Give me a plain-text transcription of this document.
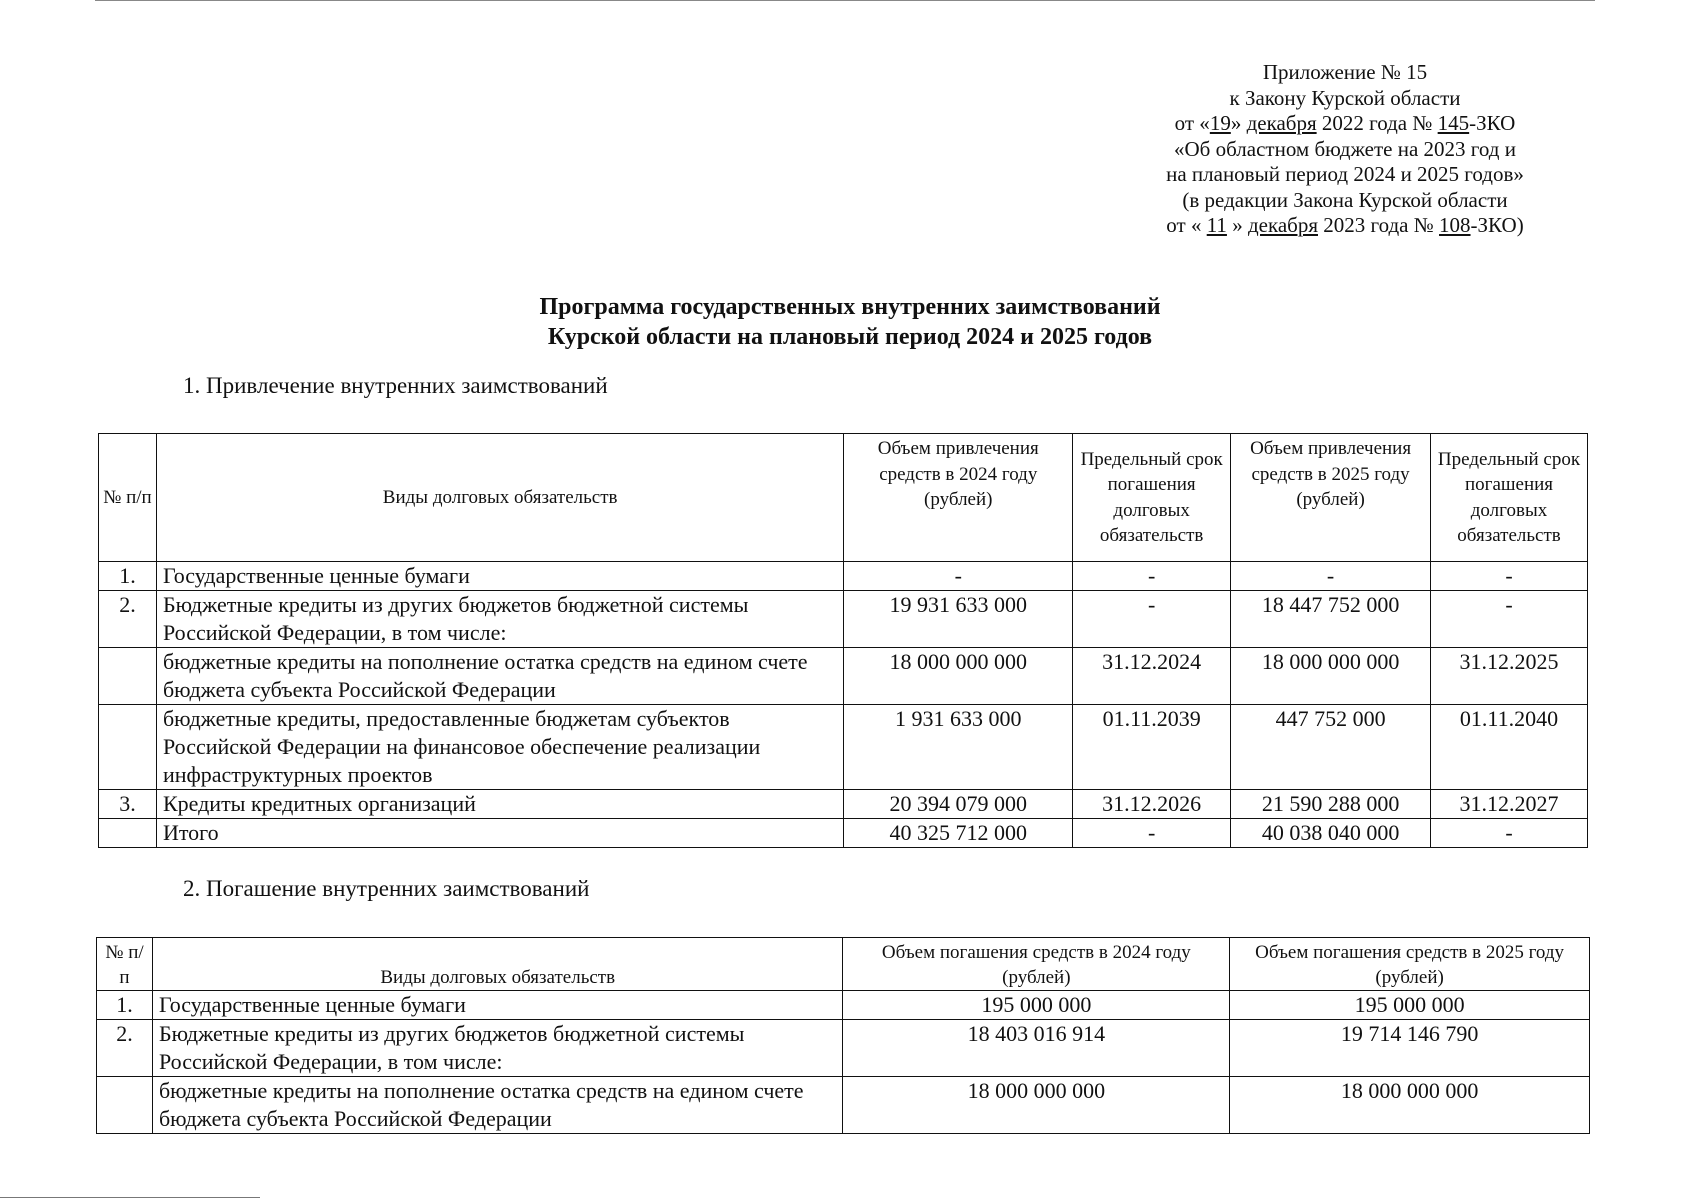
Приложение № 15
к Закону Курской области
от «19» декабря 2022 года № 145-ЗКО
«Об областном бюджете на 2023 год и
на плановый период 2024 и 2025 годов»
(в редакции Закона Курской области
от « 11 » декабря 2023 года № 108-ЗКО)
Программа государственных внутренних заимствований
Курской области на плановый период 2024 и 2025 годов
1. Привлечение внутренних заимствований
№ п/п	Виды долговых обязательств	Объем привлечения средств в 2024 году (рублей)	Предельный срок погашения долговых обязательств	Объем привлечения средств в 2025 году (рублей)	Предельный срок погашения долговых обязательств
1.	Государственные ценные бумаги	-	-	-	-
2.	Бюджетные кредиты из других бюджетов бюджетной системы Российской Федерации, в том числе:	19 931 633 000	-	18 447 752 000	-
	бюджетные кредиты на пополнение остатка средств на едином счете бюджета субъекта Российской Федерации	18 000 000 000	31.12.2024	18 000 000 000	31.12.2025
	бюджетные кредиты, предоставленные бюджетам субъектов Российской Федерации на финансовое обеспечение реализации инфраструктурных проектов	1 931 633 000	01.11.2039	447 752 000	01.11.2040
3.	Кредиты кредитных организаций	20 394 079 000	31.12.2026	21 590 288 000	31.12.2027
	Итого	40 325 712 000	-	40 038 040 000	-
2. Погашение внутренних заимствований
№ п/п	Виды долговых обязательств	Объем погашения средств в 2024 году (рублей)	Объем погашения средств в 2025 году (рублей)
1.	Государственные ценные бумаги	195 000 000	195 000 000
2.	Бюджетные кредиты из других бюджетов бюджетной системы Российской Федерации, в том числе:	18 403 016 914	19 714 146 790
	бюджетные кредиты на пополнение остатка средств на едином счете бюджета субъекта Российской Федерации	18 000 000 000	18 000 000 000
